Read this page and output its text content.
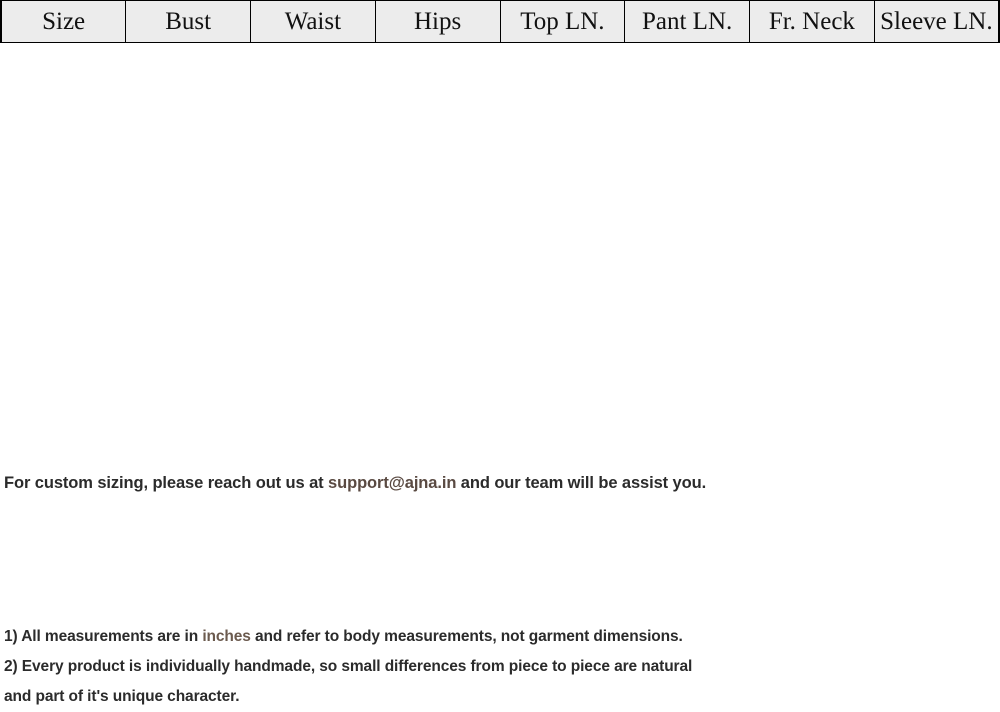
Size	Bust	Waist	Hips	Top LN.	Pant LN.	Fr. Neck	Sleeve LN.
For custom sizing, please reach out us at support@ajna.in and our team will be assist you.
1) All measurements are in inches and refer to body measurements, not garment dimensions.
2) Every product is individually handmade, so small differences from piece to piece are natural
and part of it's unique character.
